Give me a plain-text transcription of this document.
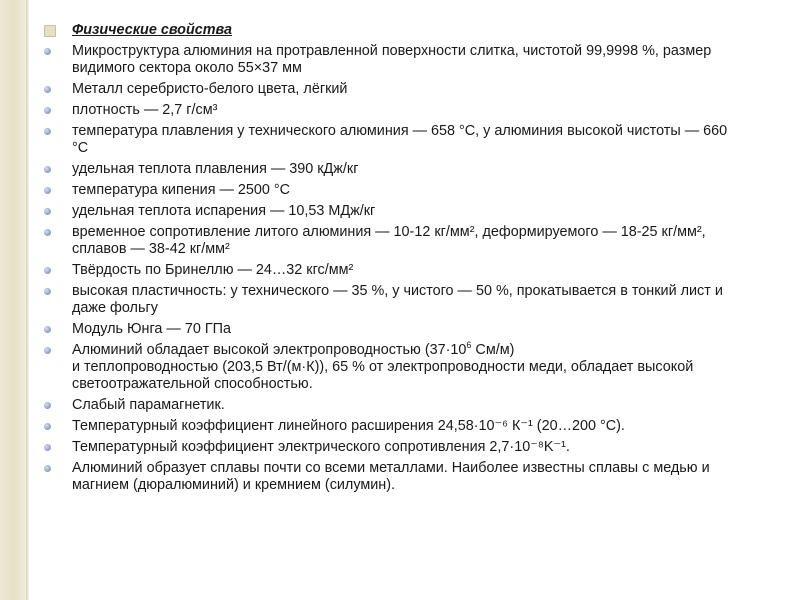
Физические свойства
Микроструктура алюминия на протравленной поверхности слитка, чистотой 99,9998 %, размер видимого сектора около 55×37 мм
Металл серебристо-белого цвета, лёгкий
плотность — 2,7 г/см³
температура плавления у технического алюминия — 658 °C, у алюминия высокой чистоты — 660 °C
удельная теплота плавления — 390 кДж/кг
температура кипения — 2500 °C
удельная теплота испарения — 10,53 МДж/кг
временное сопротивление литого алюминия — 10-12 кг/мм², деформируемого — 18-25 кг/мм², сплавов — 38-42 кг/мм²
Твёрдость по Бринеллю — 24…32 кгс/мм²
высокая пластичность: у технического — 35 %, у чистого — 50 %, прокатывается в тонкий лист и даже фольгу
Модуль Юнга — 70 ГПа
Алюминий обладает высокой электропроводностью ($37\cdot 10^6$ См/м)
и теплопроводностью (203,5 Вт/(м·К)), 65 % от электропроводности меди, обладает высокой светоотражательной способностью.
Слабый парамагнетик.
Температурный коэффициент линейного расширения 24,58·10⁻⁶ К⁻¹ (20…200 °C).
Температурный коэффициент электрического сопротивления 2,7·10⁻⁸K⁻¹.
Алюминий образует сплавы почти со всеми металлами. Наиболее известны сплавы с медью и магнием (дюралюминий) и кремнием (силумин).
